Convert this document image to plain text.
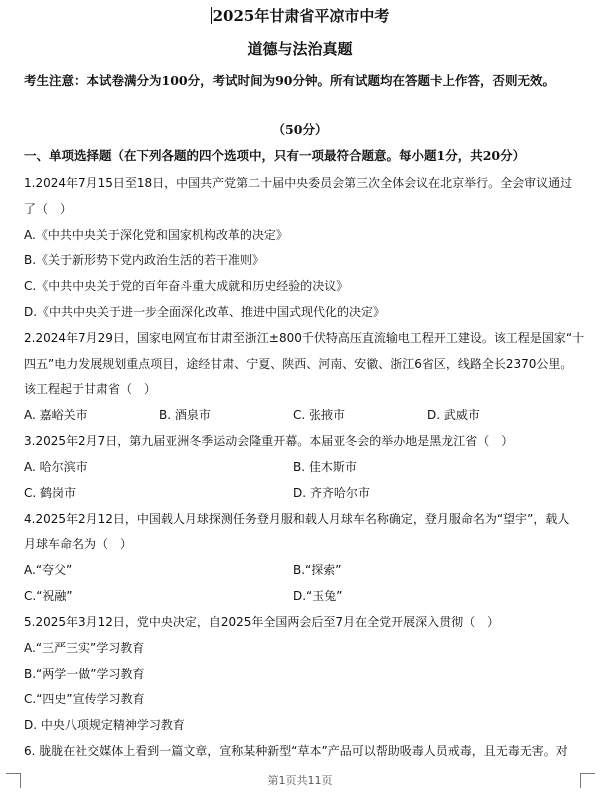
2025年甘肃省平凉市中考
道德与法治真题
考生注意：本试卷满分为100分，考试时间为90分钟。所有试题均在答题卡上作答，否则无效。
（50分）
一、单项选择题（在下列各题的四个选项中，只有一项最符合题意。每小题1分，共20分）
1.2024年7月15日至18日，中国共产党第二十届中央委员会第三次全体会议在北京举行。全会审议通过
了（　）
A.《中共中央关于深化党和国家机构改革的决定》
B.《关于新形势下党内政治生活的若干准则》
C.《中共中央关于党的百年奋斗重大成就和历史经验的决议》
D.《中共中央关于进一步全面深化改革、推进中国式现代化的决定》
2.2024年7月29日，国家电网宣布甘肃至浙江±800千伏特高压直流输电工程开工建设。该工程是国家“十
四五”电力发展规划重点项目，途经甘肃、宁夏、陕西、河南、安徽、浙江6省区，线路全长2370公里。
该工程起于甘肃省（　）
A. 嘉峪关市	B. 酒泉市	C. 张掖市	D. 武威市
3.2025年2月7日，第九届亚洲冬季运动会隆重开幕。本届亚冬会的举办地是黑龙江省（　）
A. 哈尔滨市	B. 佳木斯市
C. 鹤岗市	D. 齐齐哈尔市
4.2025年2月12日，中国载人月球探测任务登月服和载人月球车名称确定，登月服命名为“望宇”，载人
月球车命名为（　）
A.“夸父”	B.“探索”
C.“祝融”	D.“玉兔”
5.2025年3月12日，党中央决定，自2025年全国两会后至7月在全党开展深入贯彻（　）
A.“三严三实”学习教育
B.“两学一做”学习教育
C.“四史”宣传学习教育
D. 中央八项规定精神学习教育
6. 胧胧在社交媒体上看到一篇文章，宣称某种新型“草本”产品可以帮助吸毒人员戒毒，且无毒无害。对
第1页共11页
